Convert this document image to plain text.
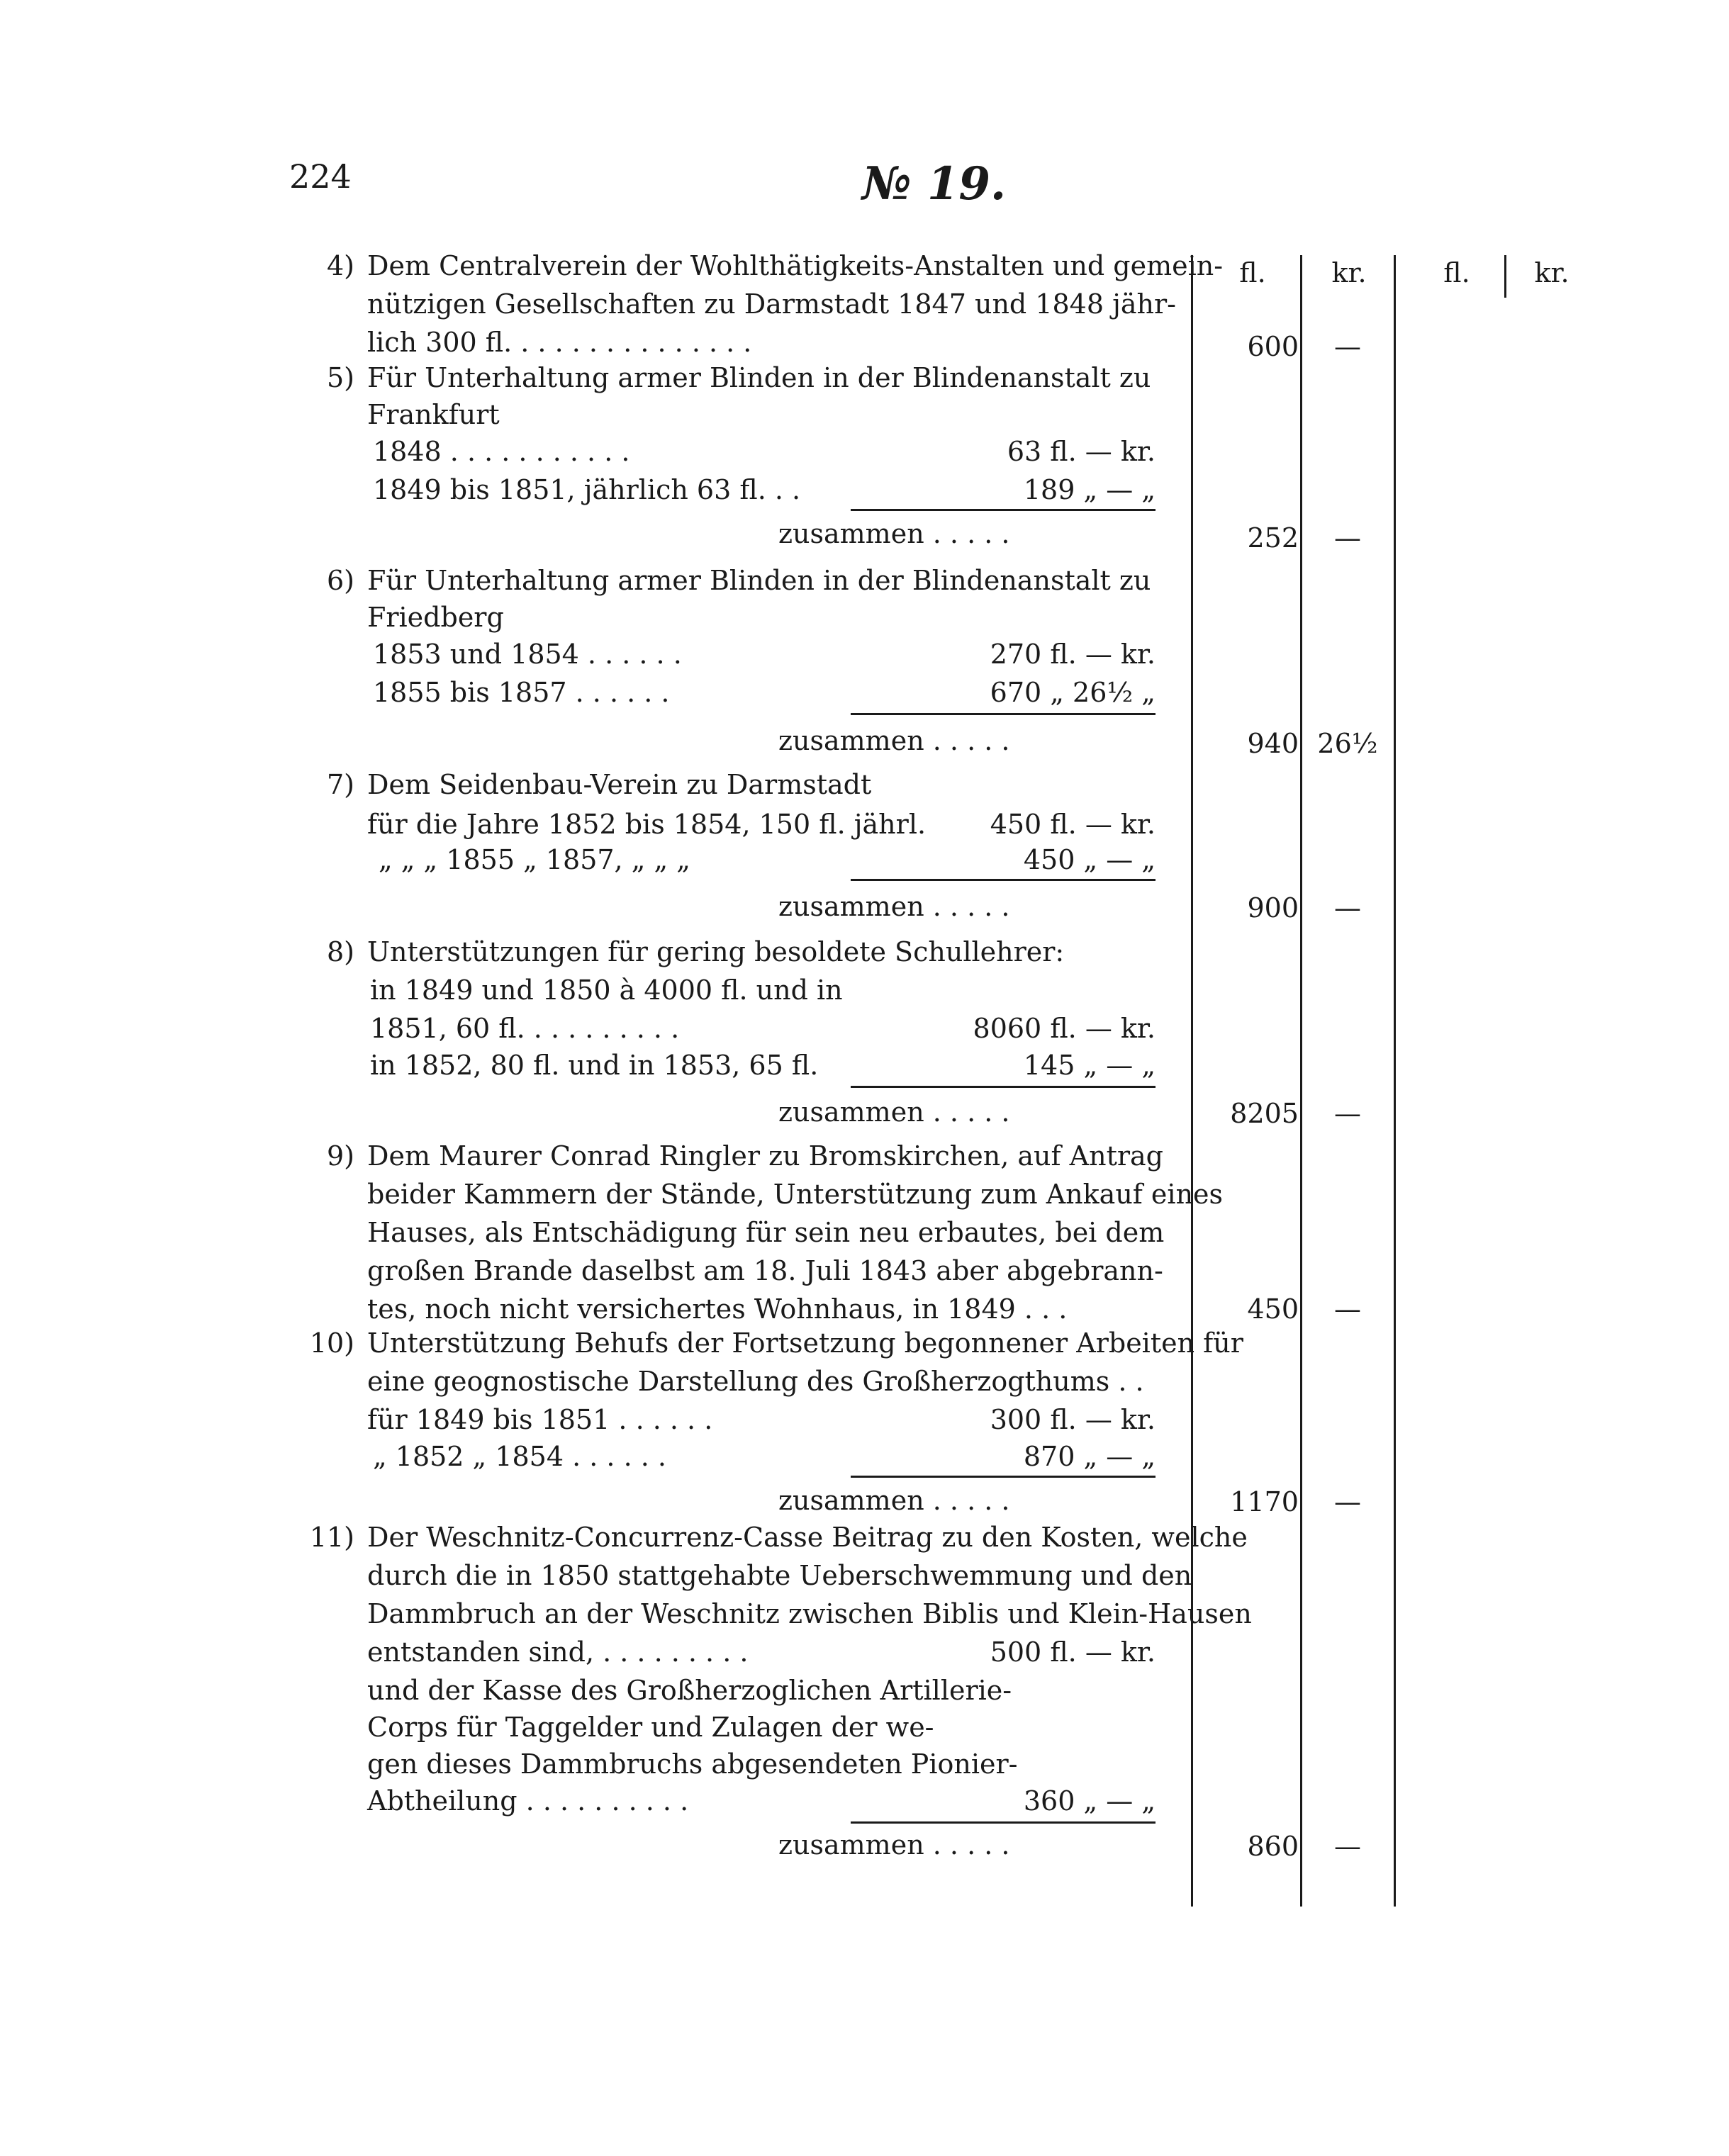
224	№ 19.
fl.	kr.	fl.	kr.
4) Dem Centralverein der Wohlthätigkeits-Anstalten und gemein-
nützigen Gesellschaften zu Darmstadt 1847 und 1848 jähr-
lich 300 fl. . . . . . . . . . . . . . .	600	—
5) Für Unterhaltung armer Blinden in der Blindenanstalt zu
Frankfurt
1848 . . . . . . . . . . .	63 fl. — kr.
1849 bis 1851, jährlich 63 fl. . .	189 „ — „
zusammen . . . . .	252	—
6) Für Unterhaltung armer Blinden in der Blindenanstalt zu
Friedberg
1853 und 1854 . . . . . .	270 fl. — kr.
1855 bis 1857 . . . . . .	670 „ 26½ „
zusammen . . . . .	940 26½
7) Dem Seidenbau-Verein zu Darmstadt
für die Jahre 1852 bis 1854, 150 fl. jährl.	450 fl. — kr.
„ „ „ 1855 „ 1857, „ „ „	450 „ — „
zusammen . . . . .	900	—
8) Unterstützungen für gering besoldete Schullehrer:
in 1849 und 1850 à 4000 fl. und in
1851, 60 fl. . . . . . . . . .	8060 fl. — kr.
in 1852, 80 fl. und in 1853, 65 fl.	145 „ — „
zusammen . . . . .	8205	—
9) Dem Maurer Conrad Ringler zu Bromskirchen, auf Antrag
beider Kammern der Stände, Unterstützung zum Ankauf eines
Hauses, als Entschädigung für sein neu erbautes, bei dem
großen Brande daselbst am 18. Juli 1843 aber abgebrann-
tes, noch nicht versichertes Wohnhaus, in 1849 . . .	450	—
10) Unterstützung Behufs der Fortsetzung begonnener Arbeiten für
eine geognostische Darstellung des Großherzogthums . .
für 1849 bis 1851 . . . . . .	300 fl. — kr.
„ 1852 „ 1854 . . . . . .	870 „ — „
zusammen . . . . .	1170	—
11) Der Weschnitz-Concurrenz-Casse Beitrag zu den Kosten, welche
durch die in 1850 stattgehabte Ueberschwemmung und den
Dammbruch an der Weschnitz zwischen Biblis und Klein-Hausen
entstanden sind, . . . . . . . . .	500 fl. — kr.
und der Kasse des Großherzoglichen Artillerie-
Corps für Taggelder und Zulagen der we-
gen dieses Dammbruchs abgesendeten Pionier-
Abtheilung . . . . . . . . . .	360 „ — „
zusammen . . . . .	860	—
